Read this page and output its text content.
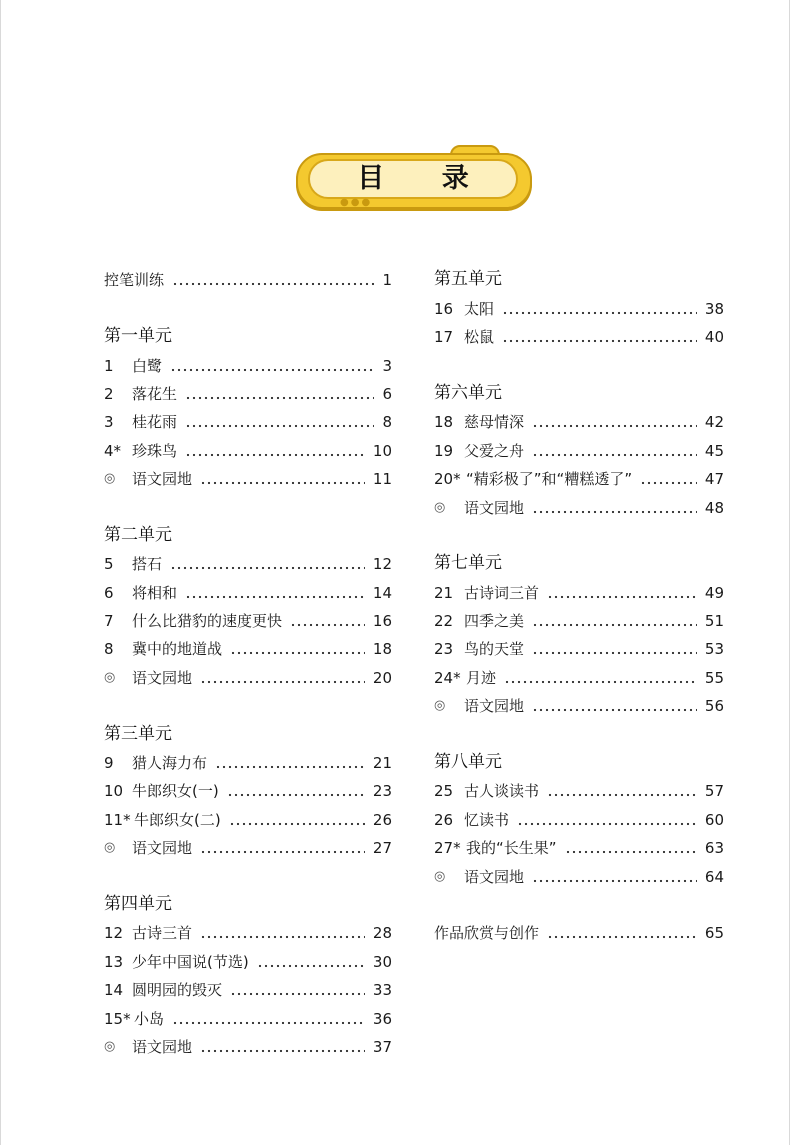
●●●
目 录
控笔训练	1
第一单元
1	白鹭	3
2	落花生	6
3	桂花雨	8
4* 珍珠鸟	10
◎	语文园地	11
第二单元
5	搭石	12
6	将相和	14
7	什么比猎豹的速度更快	16
8	冀中的地道战	18
◎	语文园地	20
第三单元
9	猎人海力布	21
10 牛郎织女(一)	23
11* 牛郎织女(二)	26
◎	语文园地	27
第四单元
12 古诗三首	28
13 少年中国说(节选)	30
14 圆明园的毁灭	33
15* 小岛	36
◎	语文园地	37
第五单元
16 太阳	38
17 松鼠	40
第六单元
18 慈母情深	42
19 父爱之舟	45
20* “精彩极了”和“糟糕透了”	47
◎	语文园地	48
第七单元
21 古诗词三首	49
22 四季之美	51
23 鸟的天堂	53
24* 月迹	55
◎	语文园地	56
第八单元
25 古人谈读书	57
26 忆读书	60
27* 我的“长生果”	63
◎	语文园地	64
作品欣赏与创作	65
